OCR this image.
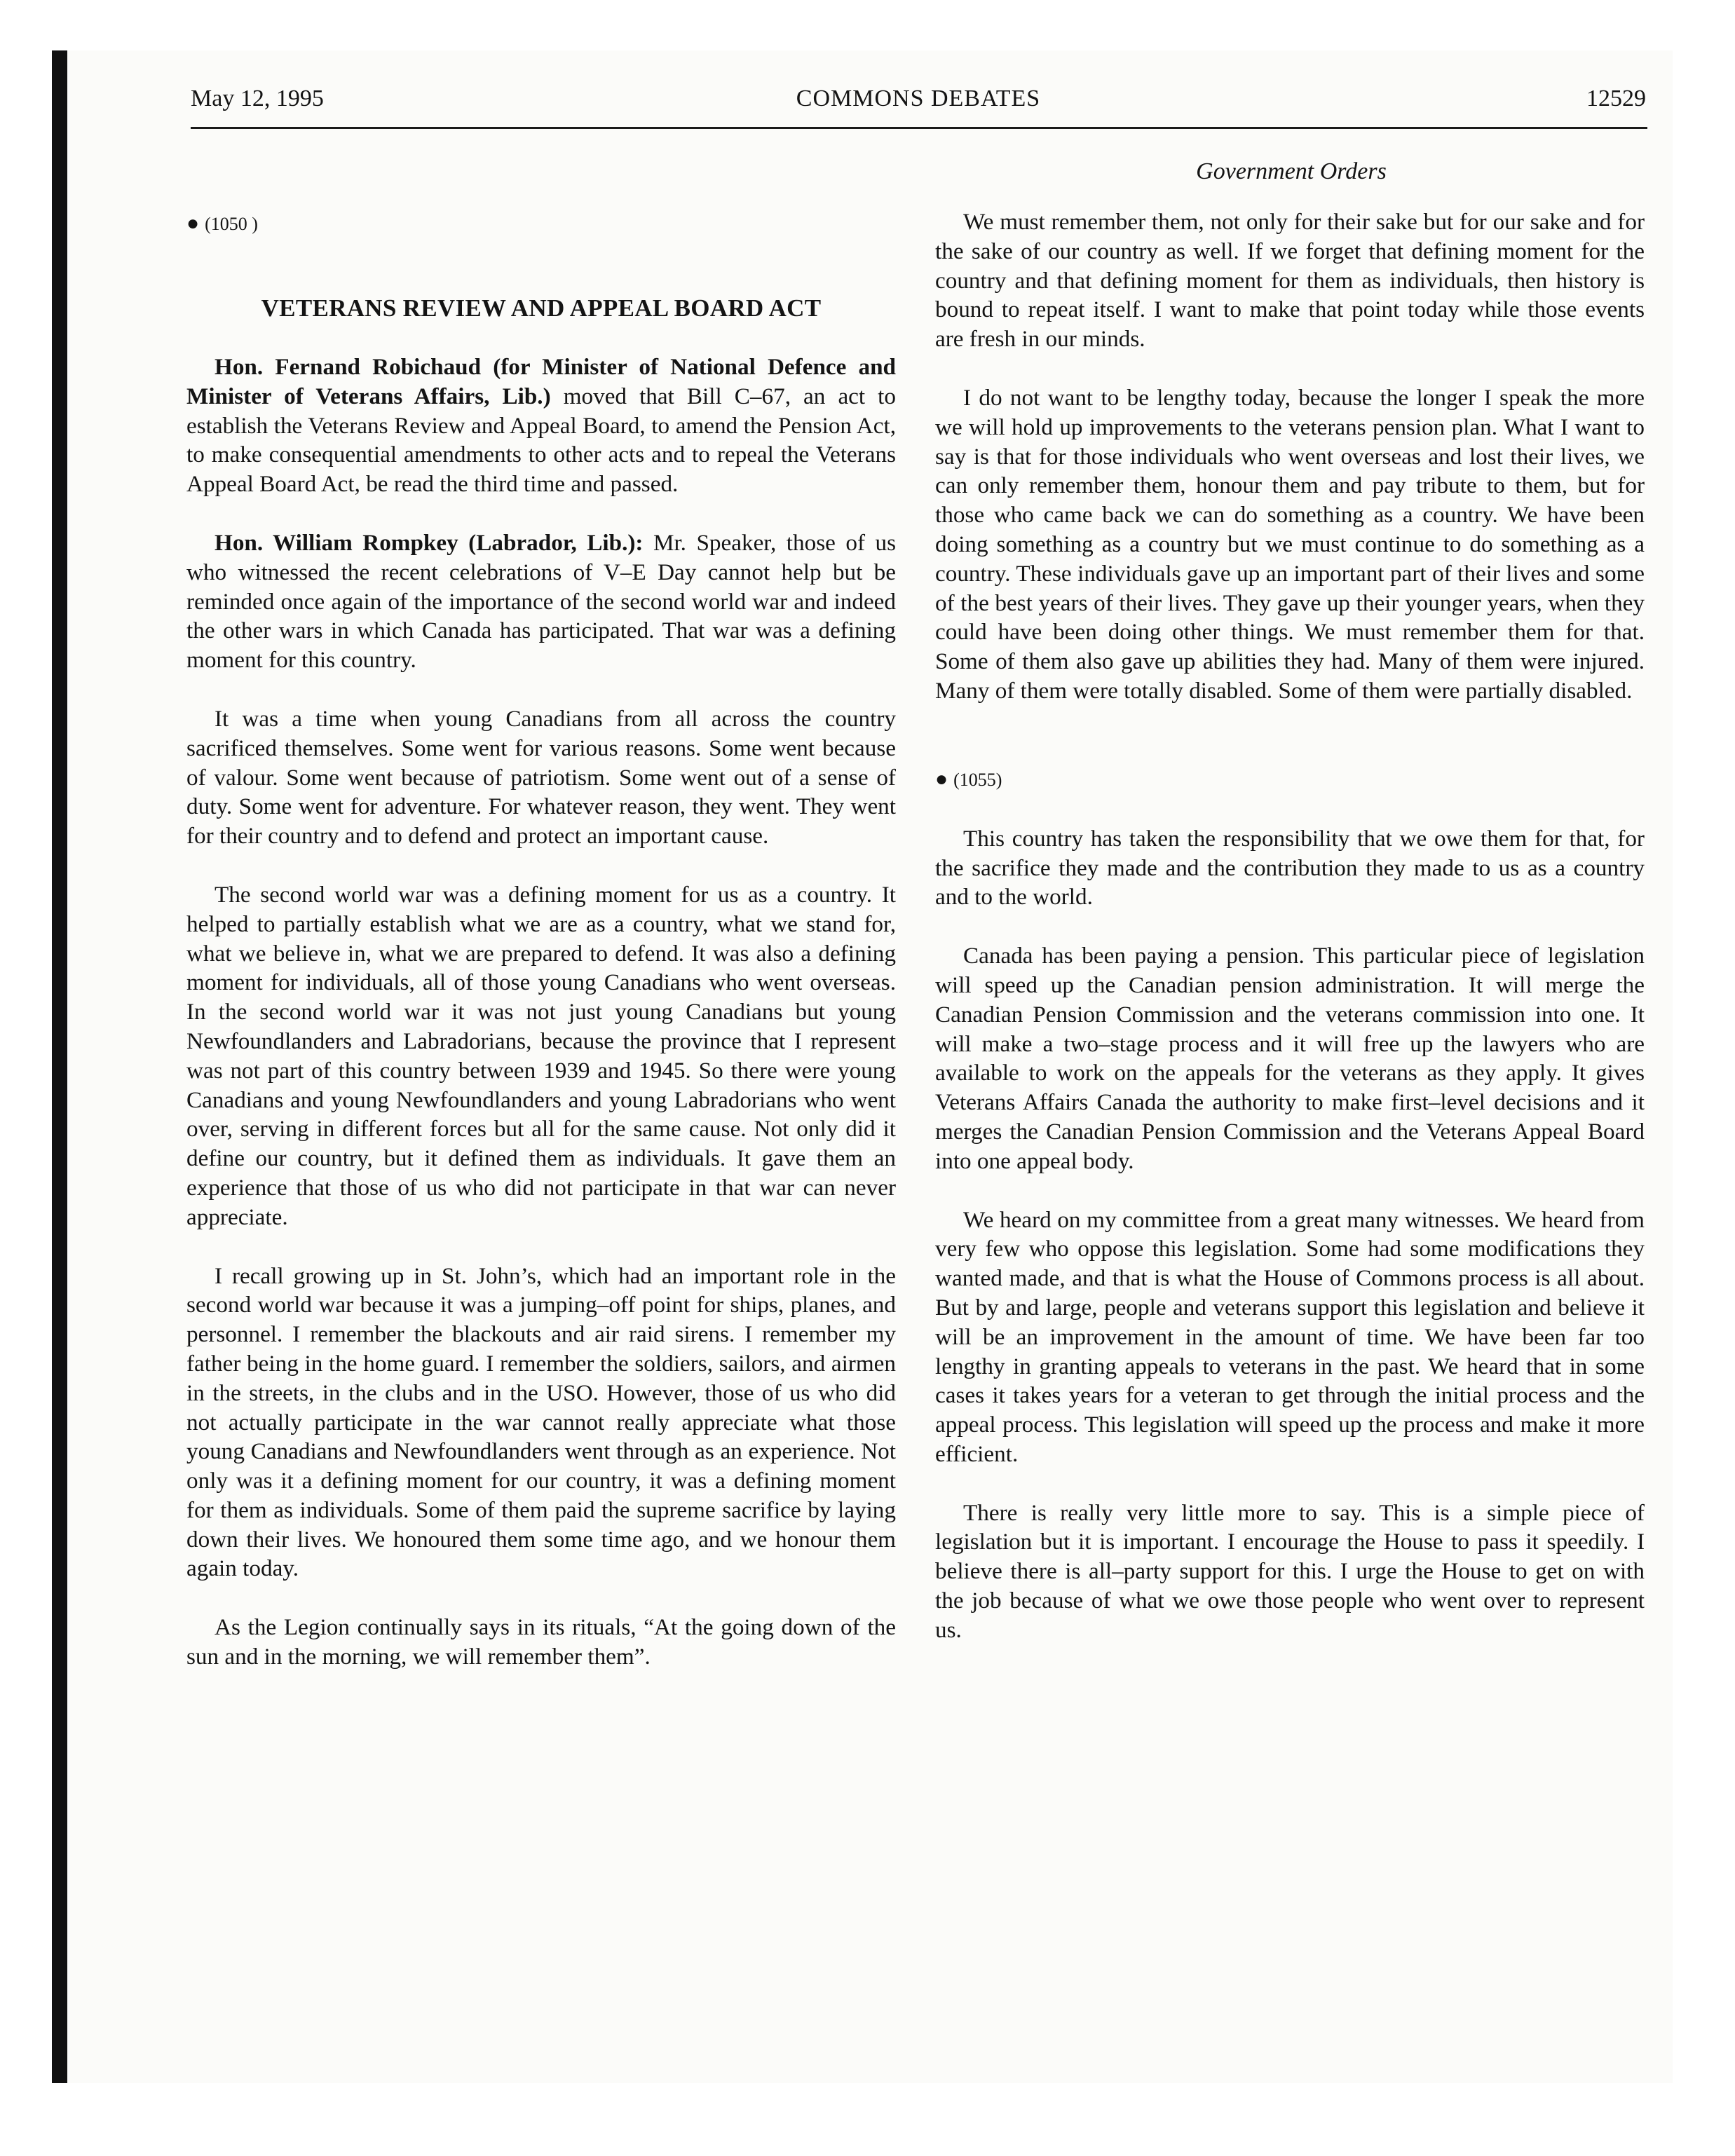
May 12, 1995	COMMONS DEBATES	12529
Government Orders
● (1050 )
VETERANS REVIEW AND APPEAL BOARD ACT

Hon. Fernand Robichaud (for Minister of National Defence and Minister of Veterans Affairs, Lib.) moved that Bill C–67, an act to establish the Veterans Review and Appeal Board, to amend the Pension Act, to make consequential amendments to other acts and to repeal the Veterans Appeal Board Act, be read the third time and passed.

Hon. William Rompkey (Labrador, Lib.): Mr. Speaker, those of us who witnessed the recent celebrations of V–E Day cannot help but be reminded once again of the importance of the second world war and indeed the other wars in which Canada has participated. That war was a defining moment for this country.

It was a time when young Canadians from all across the country sacrificed themselves. Some went for various reasons. Some went because of valour. Some went because of patriotism. Some went out of a sense of duty. Some went for adventure. For whatever reason, they went. They went for their country and to defend and protect an important cause.

The second world war was a defining moment for us as a country. It helped to partially establish what we are as a country, what we stand for, what we believe in, what we are prepared to defend. It was also a defining moment for individuals, all of those young Canadians who went overseas. In the second world war it was not just young Canadians but young Newfoundlanders and Labradorians, because the province that I represent was not part of this country between 1939 and 1945. So there were young Canadians and young Newfoundlanders and young Labradorians who went over, serving in different forces but all for the same cause. Not only did it define our country, but it defined them as individuals. It gave them an experience that those of us who did not participate in that war can never appreciate.

I recall growing up in St. John’s, which had an important role in the second world war because it was a jumping–off point for ships, planes, and personnel. I remember the blackouts and air raid sirens. I remember my father being in the home guard. I remember the soldiers, sailors, and airmen in the streets, in the clubs and in the USO. However, those of us who did not actually participate in the war cannot really appreciate what those young Canadians and Newfoundlanders went through as an experience. Not only was it a defining moment for our country, it was a defining moment for them as individuals. Some of them paid the supreme sacrifice by laying down their lives. We honoured them some time ago, and we honour them again today.

As the Legion continually says in its rituals, “At the going down of the sun and in the morning, we will remember them”.

We must remember them, not only for their sake but for our sake and for the sake of our country as well. If we forget that defining moment for the country and that defining moment for them as individuals, then history is bound to repeat itself. I want to make that point today while those events are fresh in our minds.

I do not want to be lengthy today, because the longer I speak the more we will hold up improvements to the veterans pension plan. What I want to say is that for those individuals who went overseas and lost their lives, we can only remember them, honour them and pay tribute to them, but for those who came back we can do something as a country. We have been doing something as a country but we must continue to do something as a country. These individuals gave up an important part of their lives and some of the best years of their lives. They gave up their younger years, when they could have been doing other things. We must remember them for that. Some of them also gave up abilities they had. Many of them were injured. Many of them were totally disabled. Some of them were partially disabled.

● (1055)

This country has taken the responsibility that we owe them for that, for the sacrifice they made and the contribution they made to us as a country and to the world.

Canada has been paying a pension. This particular piece of legislation will speed up the Canadian pension administration. It will merge the Canadian Pension Commission and the veterans commission into one. It will make a two–stage process and it will free up the lawyers who are available to work on the appeals for the veterans as they apply. It gives Veterans Affairs Canada the authority to make first–level decisions and it merges the Canadian Pension Commission and the Veterans Appeal Board into one appeal body.

We heard on my committee from a great many witnesses. We heard from very few who oppose this legislation. Some had some modifications they wanted made, and that is what the House of Commons process is all about. But by and large, people and veterans support this legislation and believe it will be an improvement in the amount of time. We have been far too lengthy in granting appeals to veterans in the past. We heard that in some cases it takes years for a veteran to get through the initial process and the appeal process. This legislation will speed up the process and make it more efficient.

There is really very little more to say. This is a simple piece of legislation but it is important. I encourage the House to pass it speedily. I believe there is all–party support for this. I urge the House to get on with the job because of what we owe those people who went over to represent us.
